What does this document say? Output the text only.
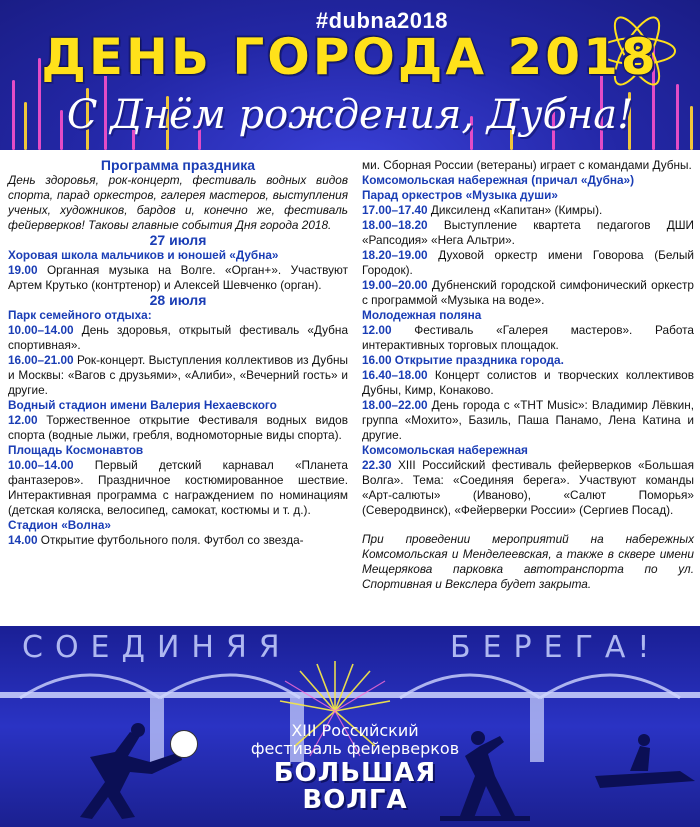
#dubna2018
ДЕНЬ ГОРОДА 2018
С Днём рождения, Дубна!

Программа праздника

День здоровья, рок-концерт, фестиваль водных видов спорта, парад оркестров, галерея мастеров, выступления ученых, художников, бардов и, конечно же, фестиваль фейерверков! Таковы главные события Дня города 2018.

27 июля

Хоровая школа мальчиков и юношей «Дубна»

19.00 Органная музыка на Волге. «Орган+». Участвуют Артем Крутько (контртенор) и Алексей Шевченко (орган).

28 июля

Парк семейного отдыха:

10.00–14.00 День здоровья, открытый фестиваль «Дубна спортивная».

16.00–21.00 Рок-концерт. Выступления коллективов из Дубны и Москвы: «Вагов с друзьями», «Алиби», «Вечерний гость» и другие.

Водный стадион имени Валерия Нехаевского

12.00 Торжественное открытие Фестиваля водных видов спорта (водные лыжи, гребля, водномоторные виды спорта).

Площадь Космонавтов

10.00–14.00 Первый детский карнавал «Планета фантазеров». Праздничное костюмированное шествие. Интерактивная программа с награждением по номинациям (детская коляска, велосипед, самокат, костюмы и т. д.).

Стадион «Волна»

14.00 Открытие футбольного поля. Футбол со звезда-

ми. Сборная России (ветераны) играет с командами Дубны.

Комсомольская набережная (причал «Дубна»)

Парад оркестров «Музыка души»

17.00–17.40 Диксиленд «Капитан» (Кимры).

18.00–18.20 Выступление квартета педагогов ДШИ «Рапсодия» «Нега Альтри».

18.20–19.00 Духовой оркестр имени Говорова (Белый Городок).

19.00–20.00 Дубненский городской симфонический оркестр с программой «Музыка на воде».

Молодежная поляна

12.00 Фестиваль «Галерея мастеров». Работа интерактивных торговых площадок.

16.00 Открытие праздника города.

16.40–18.00 Концерт солистов и творческих коллективов Дубны, Кимр, Конаково.

18.00–22.00 День города с «ТНТ Music»: Владимир Лёвкин, группа «Мохито», Базиль, Паша Панамо, Лена Катина и другие.

Комсомольская набережная

22.30 XIII Российский фестиваль фейерверков «Большая Волга». Тема: «Соединяя берега». Участвуют команды «Арт-салюты» (Иваново), «Салют Поморья» (Северодвинск), «Фейерверки России» (Сергиев Посад).

При проведении мероприятий на набережных Комсомольская и Менделеевская, а также в сквере имени Мещерякова парковка автотранспорта по ул. Спортивная и Векслера будет закрыта.

СОЕДИНЯЯ	БЕРЕГА!
XIII Российский фестиваль фейерверков
БОЛЬШАЯ ВОЛГА
